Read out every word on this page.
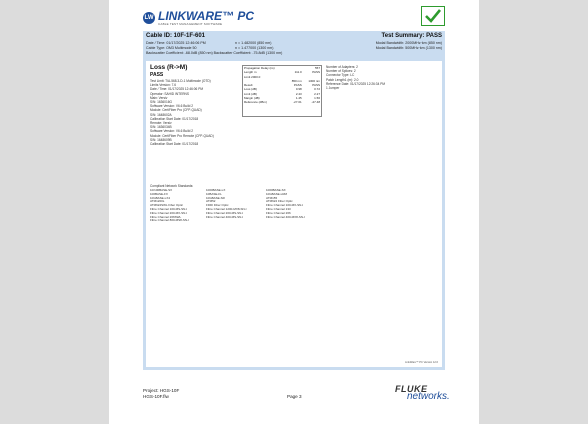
LW LINKWARE™ PC
CABLE TEST MANAGEMENT SOFTWARE
Cable ID: 10F-1F-601	Test Summary: PASS
Date / Time: 01/17/2025 12:46:06 PM
Cable Type: OM3 Multimode 50
Backscatter Coefficient: -68.0dB (850 nm) Backscatter Coefficient: -75.8dB (1300 nm)
n = 1.482000 (850 nm)
n = 1.477000 (1300 nm)
Modal Bandwidth: 2000MHz·km (850 nm)
Modal Bandwidth: 500MHz·km (1300 nm)
Loss (R->M)
PASS
Test Limit: TIA-568.3-D-1 Multimode (OTD)
Limits Version: 7.6
Date / Time: 01/17/2025 12:46:06 PM
Operator: SAHID INTERNS
Main: Versiv
S/N: 1636016G
Software Version: V6.6 Build 2
Module: CertiFiber Pro (CFP-QUAD)
S/N: 1648602A
Calibration Start Date: 01/17/2018
Remote: Versiv
S/N: 1636034B
Software Version: V6.6 Build 2
Module: CertiFiber Pro Remote (CFP-QUAD)
S/N: 1648609B
Calibration Start Date: 01/17/2018
Propagation Delay (ns)		557
Length m	111.0	PASS
Limit 2000.0		
	850 nm	1300 nm
Result	PASS	PASS
Loss (dB)	0.98	0.72
Limit (dB)	2.43	2.27
Margin (dB)	1.45	1.56

Reference (dBm)	-27.01	-27.48
Number of Adapters: 2
Number of Splices: 2
Connector Type: LC
Patch Length1 (m): 2.0
Reference Date: 01/17/2025 12:26:34 PM
1 Jumper
Compliant Network Standards:
10/100BASE-SX	1000BASE-LX	1000BASE-SX
100BASE-FX	10BASE-FL	10GBASE-LRM
10GBASE-LX4	10GBASE-SR	ATM155
ATM1200L	ATM52	ATM622 Fiber Optic
ATM622SWL Fiber Optic	FDDI Fiber Optic	Fibre Channel 100-MX-SN-I
Fibre Channel 100-MS-SN-I	Fibre Channel 1200-MX8-SN-I	Fibre Channel 133
Fibre Channel 200-MX-SN-I	Fibre Channel 200-MS-SN-I	Fibre Channel 266
Fibre Channel 266SWL	Fibre Channel 400-MS-SN-I	Fibre Channel 400-MX8-SN-I
Fibre Channel 800-MS8-SN-I
LinkWare™ PC Version 12.6
Project: HGS-10F
HGS-10F.flw	Page 3
FLUKE
networks.
